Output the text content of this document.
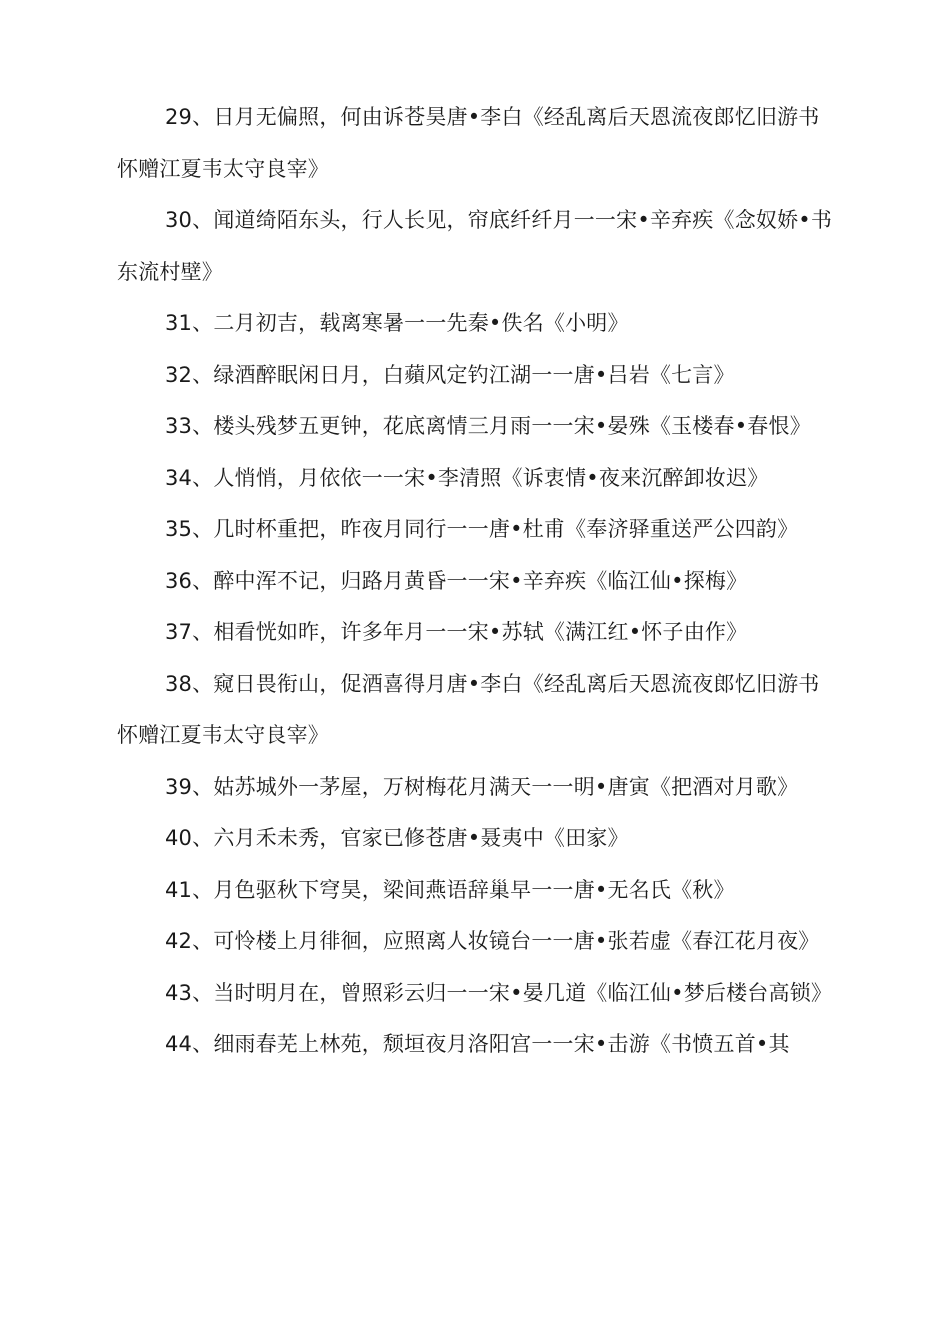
29、日月无偏照，何由诉苍昊唐•李白《经乱离后天恩流夜郎忆旧游书怀赠江夏韦太守良宰》

30、闻道绮陌东头，行人长见，帘底纤纤月一一宋•辛弃疾《念奴娇•书东流村壁》

31、二月初吉，载离寒暑一一先秦•佚名《小明》

32、绿酒醉眠闲日月，白蘋风定钓江湖一一唐•吕岩《七言》

33、楼头残梦五更钟，花底离情三月雨一一宋•晏殊《玉楼春•春恨》

34、人悄悄，月依依一一宋•李清照《诉衷情•夜来沉醉卸妆迟》

35、几时杯重把，昨夜月同行一一唐•杜甫《奉济驿重送严公四韵》

36、醉中浑不记，归路月黄昏一一宋•辛弃疾《临江仙•探梅》

37、相看恍如昨，许多年月一一宋•苏轼《满江红•怀子由作》

38、窥日畏衔山，促酒喜得月唐•李白《经乱离后天恩流夜郎忆旧游书怀赠江夏韦太守良宰》

39、姑苏城外一茅屋，万树梅花月满天一一明•唐寅《把酒对月歌》

40、六月禾未秀，官家已修苍唐•聂夷中《田家》

41、月色驱秋下穹昊，梁间燕语辞巢早一一唐•无名氏《秋》

42、可怜楼上月徘徊，应照离人妆镜台一一唐•张若虚《春江花月夜》

43、当时明月在，曾照彩云归一一宋•晏几道《临江仙•梦后楼台高锁》

44、细雨春芜上林苑，颓垣夜月洛阳宫一一宋•击游《书愤五首•其
